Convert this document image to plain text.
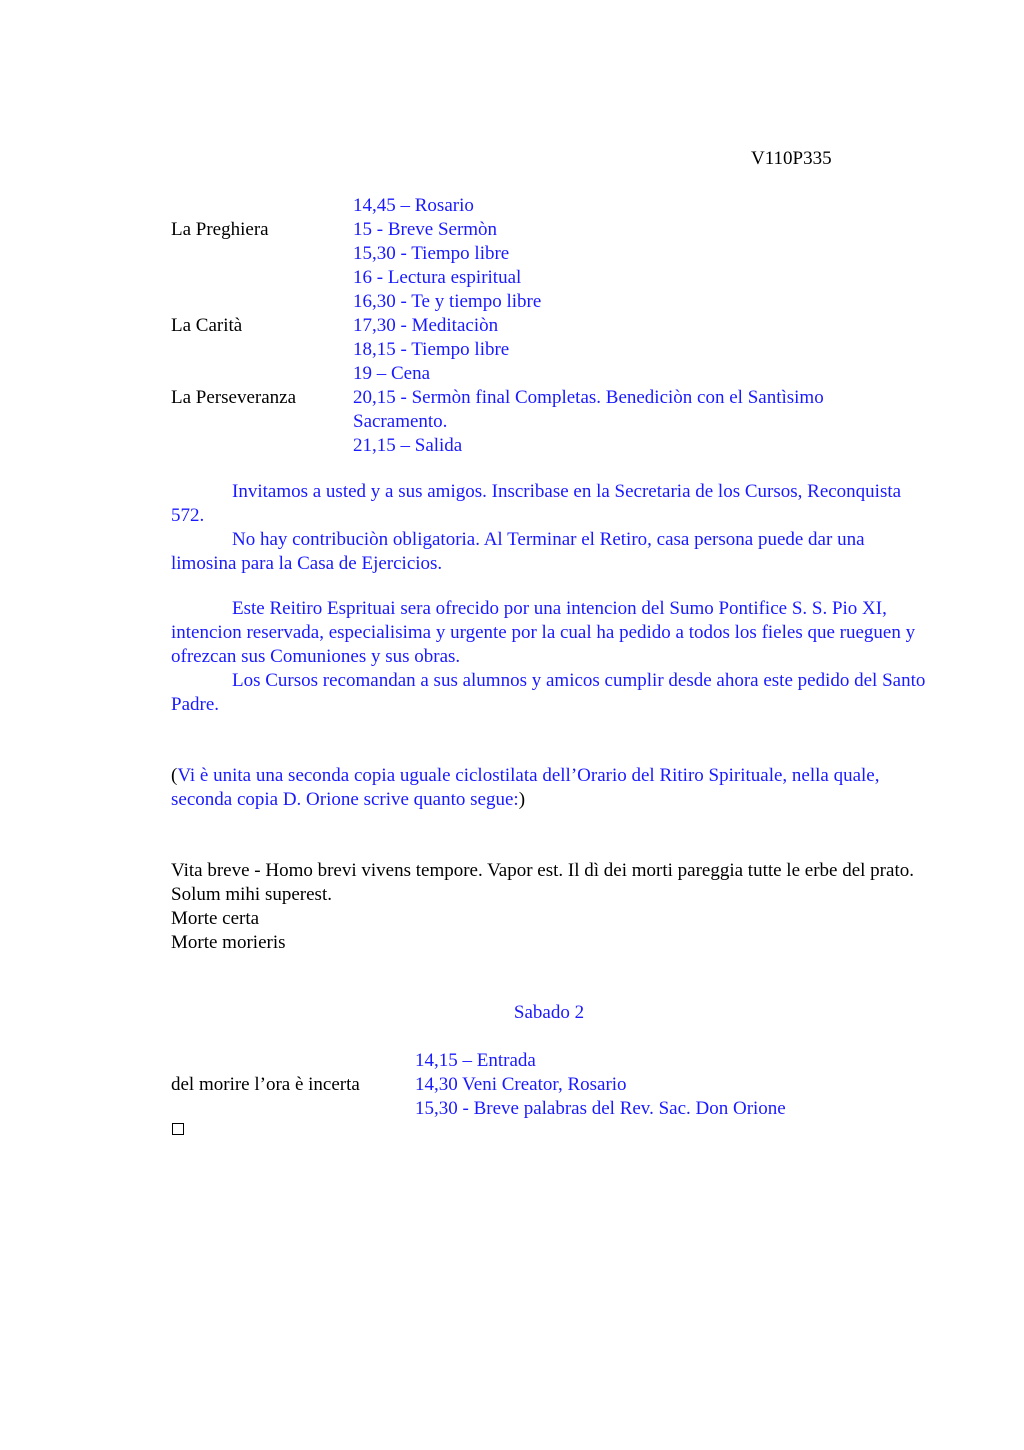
V110P335
La Preghiera
La Carità
La Perseveranza
14,45 – Rosario
15 - Breve Sermòn
15,30 - Tiempo libre
16 - Lectura espiritual
16,30 - Te y tiempo libre
17,30 - Meditaciòn
18,15 - Tiempo libre
19 – Cena
20,15 - Sermòn final Completas. Benediciòn con el Santìsimo
Sacramento.
21,15 – Salida

Invitamos a usted y a sus amigos. Inscribase en la Secretaria de los Cursos, Reconquista 572.

No hay contribuciòn obligatoria. Al Terminar el Retiro, casa persona puede dar una limosina para la Casa de Ejercicios.

Este Reitiro Esprituai sera ofrecido por una intencion del Sumo Pontifice S. S. Pio XI, intencion reservada, especialisima y urgente por la cual ha pedido a todos los fieles que rueguen y ofrezcan sus Comuniones y sus obras.

Los Cursos recomandan a sus alumnos y amicos cumplir desde ahora este pedido del Santo Padre.

(Vi è unita una seconda copia uguale ciclostilata dell’Orario del Ritiro Spirituale, nella quale, seconda copia D. Orione scrive quanto segue:)

Vita breve - Homo brevi vivens tempore. Vapor est. Il dì dei morti pareggia tutte le erbe del prato.

Solum mihi superest.

Morte certa

Morte morieris

Sabado 2
del morire l’ora è incerta
14,15 – Entrada
14,30 Veni Creator, Rosario
15,30 - Breve palabras del Rev. Sac. Don Orione
